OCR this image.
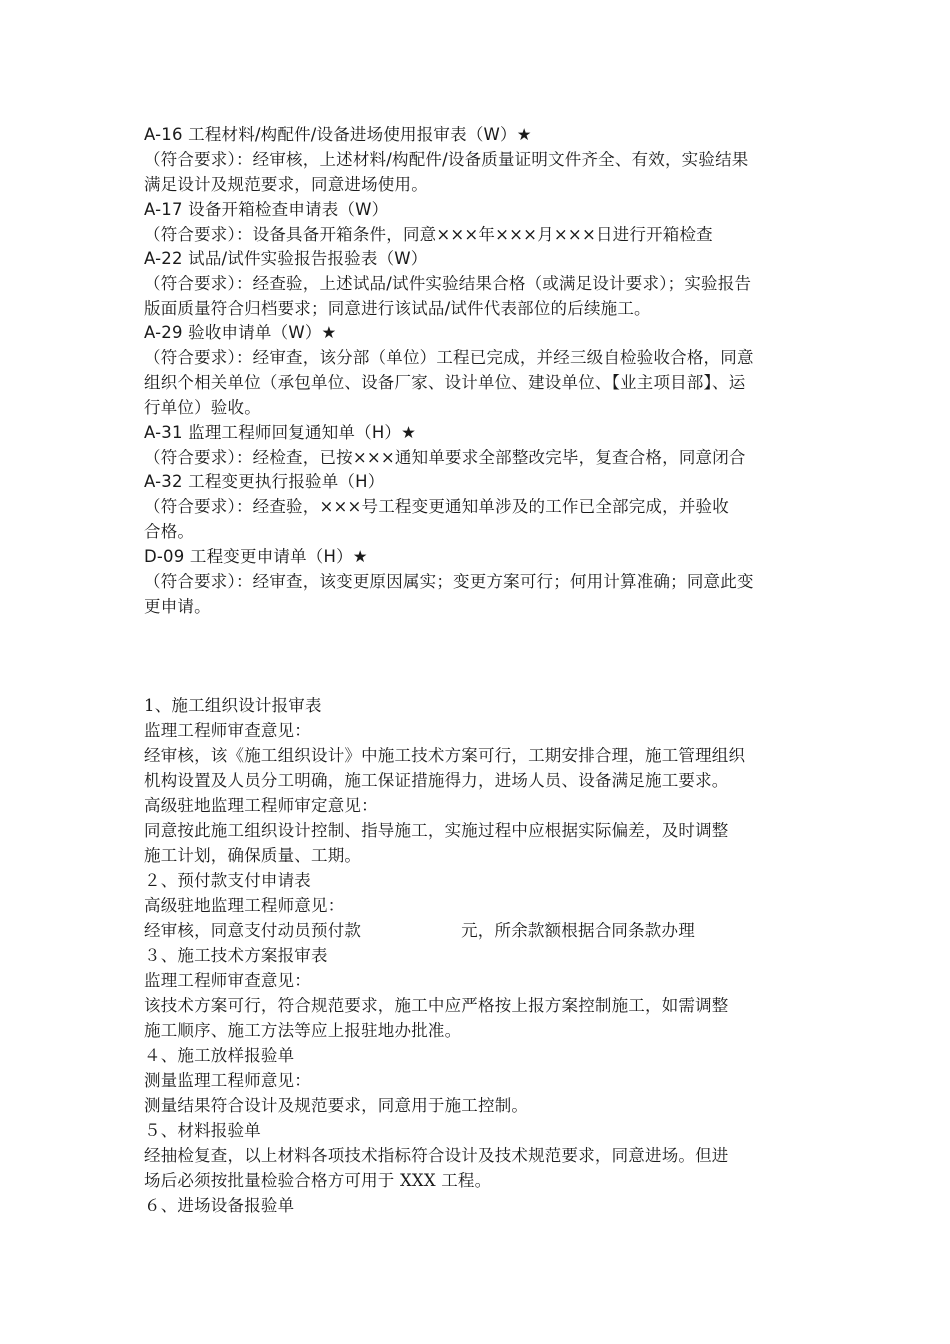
A-16 工程材料/构配件/设备进场使用报审表（W）★
（符合要求）：经审核，上述材料/构配件/设备质量证明文件齐全、有效，实验结果
满足设计及规范要求，同意进场使用。
A-17 设备开箱检查申请表（W）
（符合要求）：设备具备开箱条件，同意×××年×××月×××日进行开箱检查
A-22 试品/试件实验报告报验表（W）
（符合要求）：经查验，上述试品/试件实验结果合格（或满足设计要求）；实验报告
版面质量符合归档要求；同意进行该试品/试件代表部位的后续施工。
A-29 验收申请单（W）★
（符合要求）：经审查，该分部（单位）工程已完成，并经三级自检验收合格，同意
组织个相关单位（承包单位、设备厂家、设计单位、建设单位、【业主项目部】、运
行单位）验收。
A-31 监理工程师回复通知单（H）★
（符合要求）：经检查，已按×××通知单要求全部整改完毕，复查合格，同意闭合
A-32 工程变更执行报验单（H）
（符合要求）：经查验，×××号工程变更通知单涉及的工作已全部完成，并验收
合格。
D-09 工程变更申请单（H）★
（符合要求）：经审查，该变更原因属实；变更方案可行；何用计算准确；同意此变
更申请。
1、施工组织设计报审表
监理工程师审查意见：
经审核，该《施工组织设计》中施工技术方案可行，工期安排合理，施工管理组织
机构设置及人员分工明确，施工保证措施得力，进场人员、设备满足施工要求。
高级驻地监理工程师审定意见：
同意按此施工组织设计控制、指导施工，实施过程中应根据实际偏差，及时调整
施工计划，确保质量、工期。
２、预付款支付申请表
高级驻地监理工程师意见：
经审核，同意支付动员预付款	元，所余款额根据合同条款办理
３、施工技术方案报审表
监理工程师审查意见：
该技术方案可行，符合规范要求，施工中应严格按上报方案控制施工，如需调整
施工顺序、施工方法等应上报驻地办批准。
４、施工放样报验单
测量监理工程师意见：
测量结果符合设计及规范要求，同意用于施工控制。
５、材料报验单
经抽检复查，以上材料各项技术指标符合设计及技术规范要求，同意进场。但进
场后必须按批量检验合格方可用于 XXX 工程。
６、进场设备报验单
